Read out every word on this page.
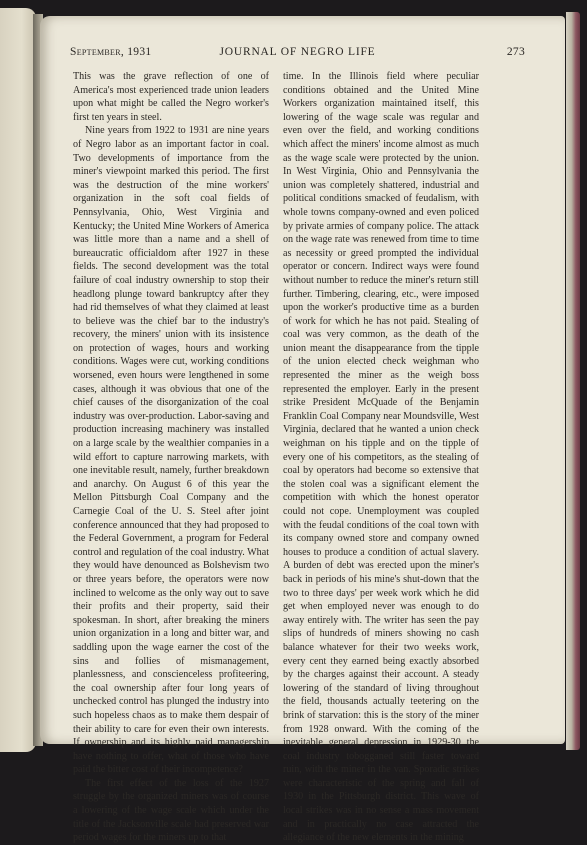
September, 1931	JOURNAL OF NEGRO LIFE	273

This was the grave reflection of one of America's most experienced trade union leaders upon what might be called the Negro worker's first ten years in steel.

Nine years from 1922 to 1931 are nine years of Negro labor as an important factor in coal. Two developments of importance from the miner's viewpoint marked this period. The first was the destruction of the mine workers' organization in the soft coal fields of Pennsylvania, Ohio, West Virginia and Kentucky; the United Mine Workers of America was little more than a name and a shell of bureaucratic officialdom after 1927 in these fields. The second development was the total failure of coal industry ownership to stop their headlong plunge toward bankruptcy after they had rid themselves of what they claimed at least to believe was the chief bar to the industry's recovery, the miners' union with its insistence on protection of wages, hours and working conditions. Wages were cut, working conditions worsened, even hours were lengthened in some cases, although it was obvious that one of the chief causes of the disorganization of the coal industry was over-production. Labor-saving and production increasing machinery was installed on a large scale by the wealthier companies in a wild effort to capture narrowing markets, with one inevitable result, namely, further breakdown and anarchy. On August 6 of this year the Mellon Pittsburgh Coal Company and the Carnegie Coal of the U. S. Steel after joint conference announced that they had proposed to the Federal Government, a program for Federal control and regulation of the coal industry. What they would have denounced as Bolshevism two or three years before, the operators were now inclined to welcome as the only way out to save their profits and their property, said their spokesman. In short, after breaking the miners union organization in a long and bitter war, and saddling upon the wage earner the cost of the sins and follies of mismanagement, planlessness, and conscienceless profiteering, the coal ownership after four long years of unchecked control has plunged the industry into such hopeless chaos as to make them despair of their ability to care for even their own interests. If ownership and its highly paid managership have nothing to offer, what of those who have paid the bitter cost of their incompetence?

The first effect of the loss of the 1927 struggle by the organized miners was of course a lowering of the wage scale which under the title of the Jacksonville scale had preserved war period wages for the miners up to that

time. In the Illinois field where peculiar conditions obtained and the United Mine Workers organization maintained itself, this lowering of the wage scale was regular and even over the field, and working conditions which affect the miners' income almost as much as the wage scale were protected by the union. In West Virginia, Ohio and Pennsylvania the union was completely shattered, industrial and political conditions smacked of feudalism, with whole towns company-owned and even policed by private armies of company police. The attack on the wage rate was renewed from time to time as necessity or greed prompted the individual operator or concern. Indirect ways were found without number to reduce the miner's return still further. Timbering, clearing, etc., were imposed upon the worker's productive time as a burden of work for which he has not paid. Stealing of coal was very common, as the death of the union meant the disappearance from the tipple of the union elected check weighman who represented the miner as the weigh boss represented the employer. Early in the present strike President McQuade of the Benjamin Franklin Coal Company near Moundsville, West Virginia, declared that he wanted a union check weighman on his tipple and on the tipple of every one of his competitors, as the stealing of coal by operators had become so extensive that the stolen coal was a significant element the competition with which the honest operator could not cope. Unemployment was coupled with the feudal conditions of the coal town with its company owned store and company owned houses to produce a condition of actual slavery. A burden of debt was erected upon the miner's back in periods of his mine's shut-down that the two to three days' per week work which he did get when employed never was enough to do away entirely with. The writer has seen the pay slips of hundreds of miners showing no cash balance whatever for their two weeks work, every cent they earned being exactly absorbed by the charges against their account. A steady lowering of the standard of living throughout the field, thousands actually teetering on the brink of starvation: this is the story of the miner from 1928 onward. With the coming of the inevitable general depression in 1929-30 the coal industry tobogganed still faster toward ruin, with the miner in the van. Sporadic strikes were characteristic of the spring and fall of 1930 in the Pittsburgh district. This wave of local strikes was in no sense a mass movement and in practically no case attracted the allegiance of the new elements in the mining
